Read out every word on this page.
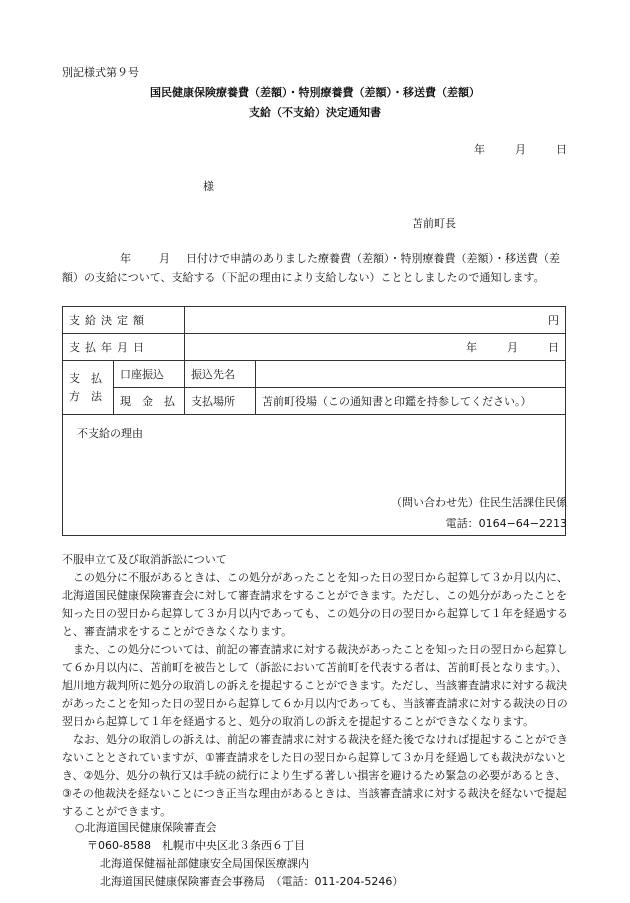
別記様式第９号
国民健康保険療養費（差額）・特別療養費（差額）・移送費（差額）
支給（不支給）決定通知書
年	月	日
様
苫前町長
年	月 日付けで申請のありました療養費（差額）・特別療養費（差額）・移送費（差額）の支給について、支給する（下記の理由により支給しない）こととしましたので通知します。
支給決定額		円	
支払年月日		年 月 日	

支　払
方　法	口座振込	振込先名	
	現　金　払	支払場所	苫前町役場（この通知書と印鑑を持参してください。）
不支給の理由			
（問い合わせ先）住民生活課住民係
電話：0164−64−2213
不服申立て及び取消訴訟について
この処分に不服があるときは、この処分があったことを知った日の翌日から起算して３か月以内に、北海道国民健康保険審査会に対して審査請求をすることができます。ただし、この処分があったことを知った日の翌日から起算して３か月以内であっても、この処分の日の翌日から起算して１年を経過すると、審査請求をすることができなくなります。
また、この処分については、前記の審査請求に対する裁決があったことを知った日の翌日から起算して６か月以内に、苫前町を被告として（訴訟において苫前町を代表する者は、苫前町長となります。）、旭川地方裁判所に処分の取消しの訴えを提起することができます。ただし、当該審査請求に対する裁決があったことを知った日の翌日から起算して６か月以内であっても、当該審査請求に対する裁決の日の翌日から起算して１年を経過すると、処分の取消しの訴えを提起することができなくなります。
なお、処分の取消しの訴えは、前記の審査請求に対する裁決を経た後でなければ提起することができないこととされていますが、①審査請求をした日の翌日から起算して３か月を経過しても裁決がないとき、②処分、処分の執行又は手続の続行により生ずる著しい損害を避けるため緊急の必要があるとき、③その他裁決を経ないことにつき正当な理由があるときは、当該審査請求に対する裁決を経ないで提起することができます。
○北海道国民健康保険審査会
〒060-8588　札幌市中央区北３条西６丁目
北海道保健福祉部健康安全局国保医療課内
北海道国民健康保険審査会事務局　（電話：011-204-5246）
